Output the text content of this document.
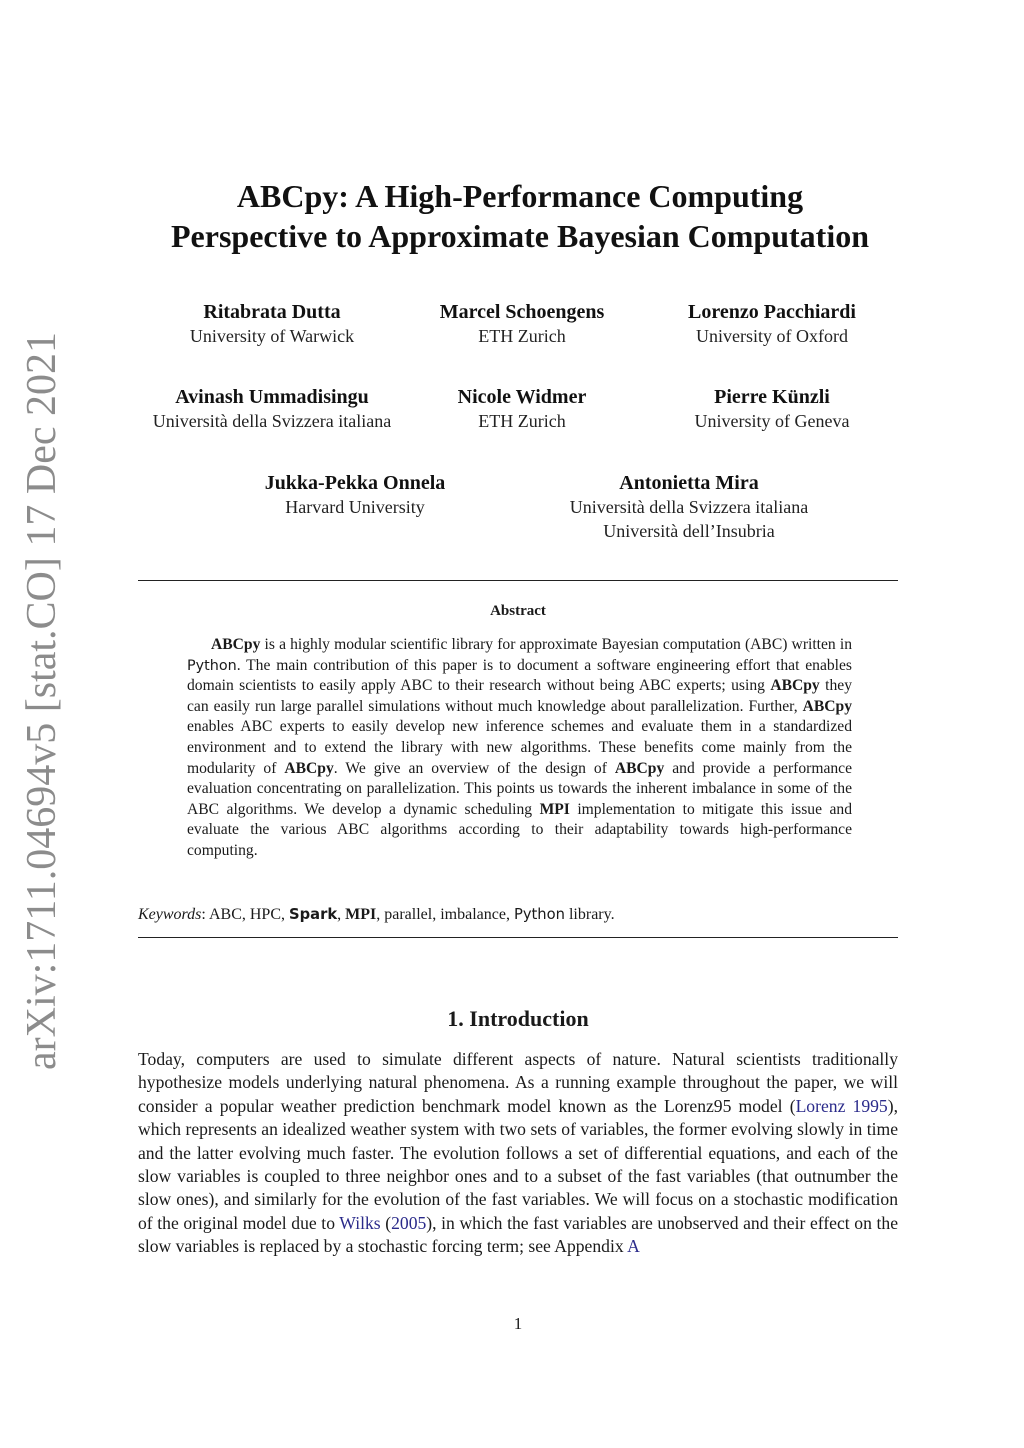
arXiv:1711.04694v5 [stat.CO] 17 Dec 2021
ABCpy: A High-Performance Computing
Perspective to Approximate Bayesian Computation
Ritabrata Dutta
University of Warwick
Marcel Schoengens
ETH Zurich
Lorenzo Pacchiardi
University of Oxford
Avinash Ummadisingu
Università della Svizzera italiana
Nicole Widmer
ETH Zurich
Pierre Künzli
University of Geneva
Jukka-Pekka Onnela
Harvard University
Antonietta Mira
Università della Svizzera italiana
Università dell’Insubria
Abstract
ABCpy is a highly modular scientific library for approximate Bayesian computation (ABC) written in Python. The main contribution of this paper is to document a software engineering effort that enables domain scientists to easily apply ABC to their research without being ABC experts; using ABCpy they can easily run large parallel simulations without much knowledge about parallelization. Further, ABCpy enables ABC experts to easily develop new inference schemes and evaluate them in a standardized environment and to extend the library with new algorithms. These benefits come mainly from the modularity of ABCpy. We give an overview of the design of ABCpy and provide a performance evaluation concentrating on parallelization. This points us towards the inherent imbalance in some of the ABC algorithms. We develop a dynamic scheduling MPI implementation to mitigate this issue and evaluate the various ABC algorithms according to their adaptability towards high-performance computing.
Keywords: ABC, HPC, Spark, MPI, parallel, imbalance, Python library.
1. Introduction
Today, computers are used to simulate different aspects of nature. Natural scientists traditionally hypothesize models underlying natural phenomena. As a running example throughout the paper, we will consider a popular weather prediction benchmark model known as the Lorenz95 model (Lorenz 1995), which represents an idealized weather system with two sets of variables, the former evolving slowly in time and the latter evolving much faster. The evolution follows a set of differential equations, and each of the slow variables is coupled to three neighbor ones and to a subset of the fast variables (that outnumber the slow ones), and similarly for the evolution of the fast variables. We will focus on a stochastic modification of the original model due to Wilks (2005), in which the fast variables are unobserved and their effect on the slow variables is replaced by a stochastic forcing term; see Appendix A
1
